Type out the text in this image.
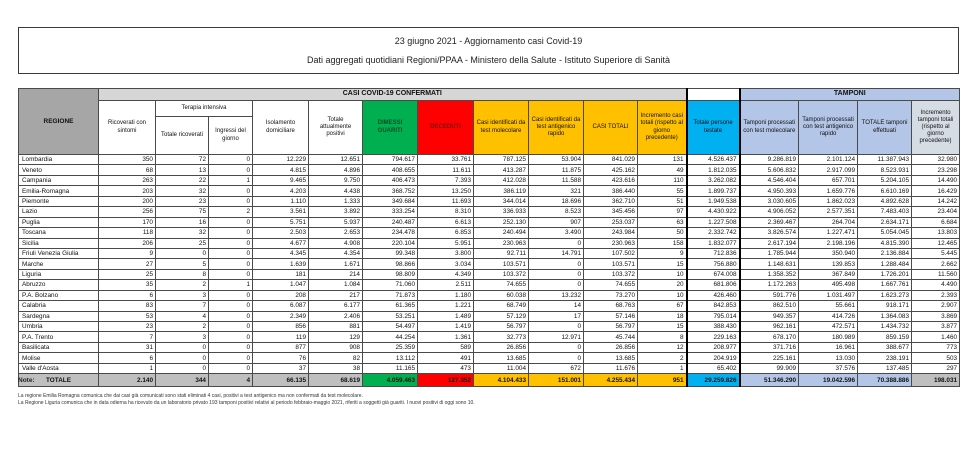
23 giugno 2021 - Aggiornamento casi Covid-19
Dati aggregati quotidiani Regioni/PPAA - Ministero della Salute - Istituto Superiore di Sanità
REGIONE	CASI COVID-19 CONFERMATI												TAMPONI			
	Ricoverati con sintomi	Terapia intensiva		Isolamento domiciliare	Totale attualmente positivi	DIMESSI GUARITI	DECEDUTI	Casi identificati da test molecolare	Casi identificati da test antigenico rapido	CASI TOTALI	Incremento casi totali (rispetto al giorno precedente)	Totale persone testate	Tamponi processati con test molecolare	Tamponi processati con test antigenico rapido	TOTALE tamponi effettuati	Incremento tamponi totali (rispetto al giorno precedente)
		Totale ricoverati	Ingressi del giorno													
Lombardia	350	72	0	12.229	12.651	794.617	33.761	787.125	53.904	841.029	131	4.526.437	9.286.819	2.101.124	11.387.943	32.980
Veneto	68	13	0	4.815	4.896	408.655	11.611	413.287	11.875	425.162	49	1.812.035	5.606.832	2.917.099	8.523.931	23.298
Campania	263	22	1	9.465	9.750	406.473	7.393	412.028	11.588	423.616	110	3.262.082	4.546.404	657.701	5.204.105	14.490
Emilia-Romagna	203	32	0	4.203	4.438	368.752	13.250	386.119	321	386.440	55	1.899.737	4.950.393	1.659.776	6.610.169	16.429
Piemonte	200	23	0	1.110	1.333	349.684	11.693	344.014	18.696	362.710	51	1.949.538	3.030.605	1.862.023	4.892.628	14.242
Lazio	256	75	2	3.561	3.892	333.254	8.310	336.933	8.523	345.456	97	4.430.922	4.906.052	2.577.351	7.483.403	23.404
Puglia	170	16	0	5.751	5.937	240.487	6.613	252.130	907	253.037	63	1.227.508	2.369.467	264.704	2.634.171	6.684
Toscana	118	32	0	2.503	2.653	234.478	6.853	240.494	3.490	243.984	50	2.332.742	3.826.574	1.227.471	5.054.045	13.803
Sicilia	206	25	0	4.677	4.908	220.104	5.951	230.963	0	230.963	158	1.832.077	2.617.194	2.198.196	4.815.390	12.465
Friuli Venezia Giulia	9	0	0	4.345	4.354	99.348	3.800	92.711	14.791	107.502	9	712.836	1.785.944	350.940	2.136.884	5.445
Marche	27	5	0	1.639	1.671	98.866	3.034	103.571	0	103.571	15	756.880	1.148.631	139.853	1.288.484	2.662
Liguria	25	8	0	181	214	98.809	4.349	103.372	0	103.372	10	674.008	1.358.352	367.849	1.726.201	11.560
Abruzzo	35	2	1	1.047	1.084	71.060	2.511	74.655	0	74.655	20	681.806	1.172.263	495.498	1.667.761	4.490
P.A. Bolzano	6	3	0	208	217	71.873	1.180	60.038	13.232	73.270	10	426.460	591.776	1.031.497	1.623.273	2.393
Calabria	83	7	0	6.087	6.177	61.365	1.221	68.749	14	68.763	67	842.853	862.510	55.661	918.171	2.907
Sardegna	53	4	0	2.349	2.406	53.251	1.489	57.129	17	57.146	18	795.014	949.357	414.726	1.364.083	3.869
Umbria	23	2	0	856	881	54.497	1.419	56.797	0	56.797	15	388.430	962.161	472.571	1.434.732	3.877
P.A. Trento	7	3	0	119	129	44.254	1.361	32.773	12.971	45.744	8	229.163	678.170	180.989	859.159	1.460
Basilicata	31	0	0	877	908	25.359	589	26.856	0	26.856	12	208.977	371.716	16.961	388.677	773
Molise	6	0	0	76	82	13.112	491	13.685	0	13.685	2	204.919	225.161	13.030	238.191	503
Valle d'Aosta	1	0	0	37	38	11.165	473	11.004	672	11.676	1	65.402	99.909	37.576	137.485	297
TOTALE	2.140	344	4	66.135	68.619	4.059.463	127.352	4.104.433	151.001	4.255.434	951	29.259.826	51.346.290	19.042.596	70.388.886	198.031
Note:
La regione Emilia Romagna comunica che dai casi già comunicati sono stati eliminati 4 casi, positivi a test antigenico ma non confermati da test molecolare.
La Regione Liguria comunica che in data odierna ha ricevuto da un laboratorio privato 193 tamponi positivi relativi al periodo febbraio-maggio 2021, riferiti a soggetti già guariti. I nuovi positivi di oggi sono 10.
